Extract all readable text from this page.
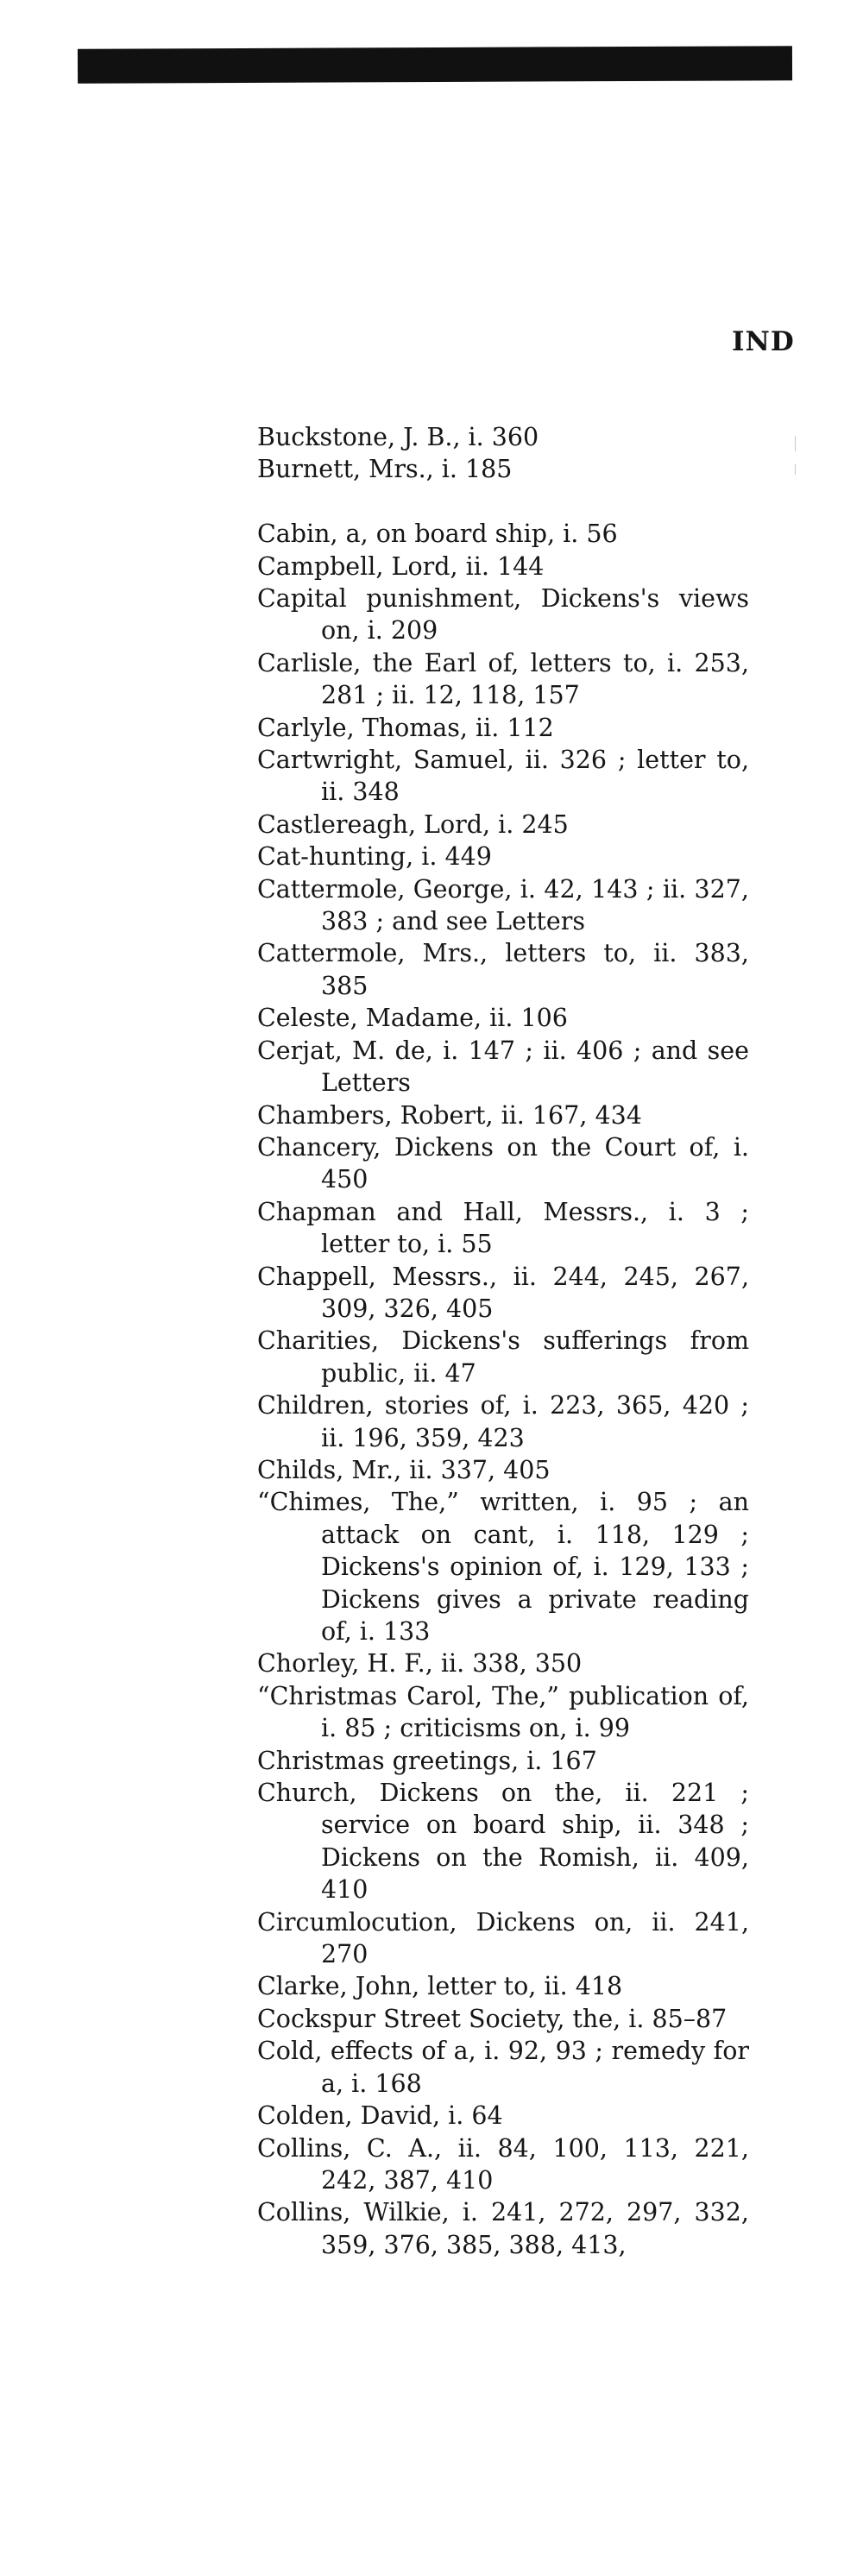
IND

Buckstone, J. B., i. 360

Burnett, Mrs., i. 185

Cabin, a, on board ship, i. 56

Campbell, Lord, ii. 144

Capital punishment, Dickens's views on, i. 209

Carlisle, the Earl of, letters to, i. 253, 281 ; ii. 12, 118, 157

Carlyle, Thomas, ii. 112

Cartwright, Samuel, ii. 326 ; letter to, ii. 348

Castlereagh, Lord, i. 245

Cat-hunting, i. 449

Cattermole, George, i. 42, 143 ; ii. 327, 383 ; and see Letters

Cattermole, Mrs., letters to, ii. 383, 385

Celeste, Madame, ii. 106

Cerjat, M. de, i. 147 ; ii. 406 ; and see Letters

Chambers, Robert, ii. 167, 434

Chancery, Dickens on the Court of, i. 450

Chapman and Hall, Messrs., i. 3 ; letter to, i. 55

Chappell, Messrs., ii. 244, 245, 267, 309, 326, 405

Charities, Dickens's sufferings from public, ii. 47

Children, stories of, i. 223, 365, 420 ; ii. 196, 359, 423

Childs, Mr., ii. 337, 405

“Chimes, The,” written, i. 95 ; an attack on cant, i. 118, 129 ; Dickens's opinion of, i. 129, 133 ; Dickens gives a private reading of, i. 133

Chorley, H. F., ii. 338, 350

“Christmas Carol, The,” publication of, i. 85 ; criticisms on, i. 99

Christmas greetings, i. 167

Church, Dickens on the, ii. 221 ; service on board ship, ii. 348 ; Dickens on the Romish, ii. 409, 410

Circumlocution, Dickens on, ii. 241, 270

Clarke, John, letter to, ii. 418

Cockspur Street Society, the, i. 85–87

Cold, effects of a, i. 92, 93 ; remedy for a, i. 168

Colden, David, i. 64

Collins, C. A., ii. 84, 100, 113, 221, 242, 387, 410

Collins, Wilkie, i. 241, 272, 297, 332, 359, 376, 385, 388, 413,
